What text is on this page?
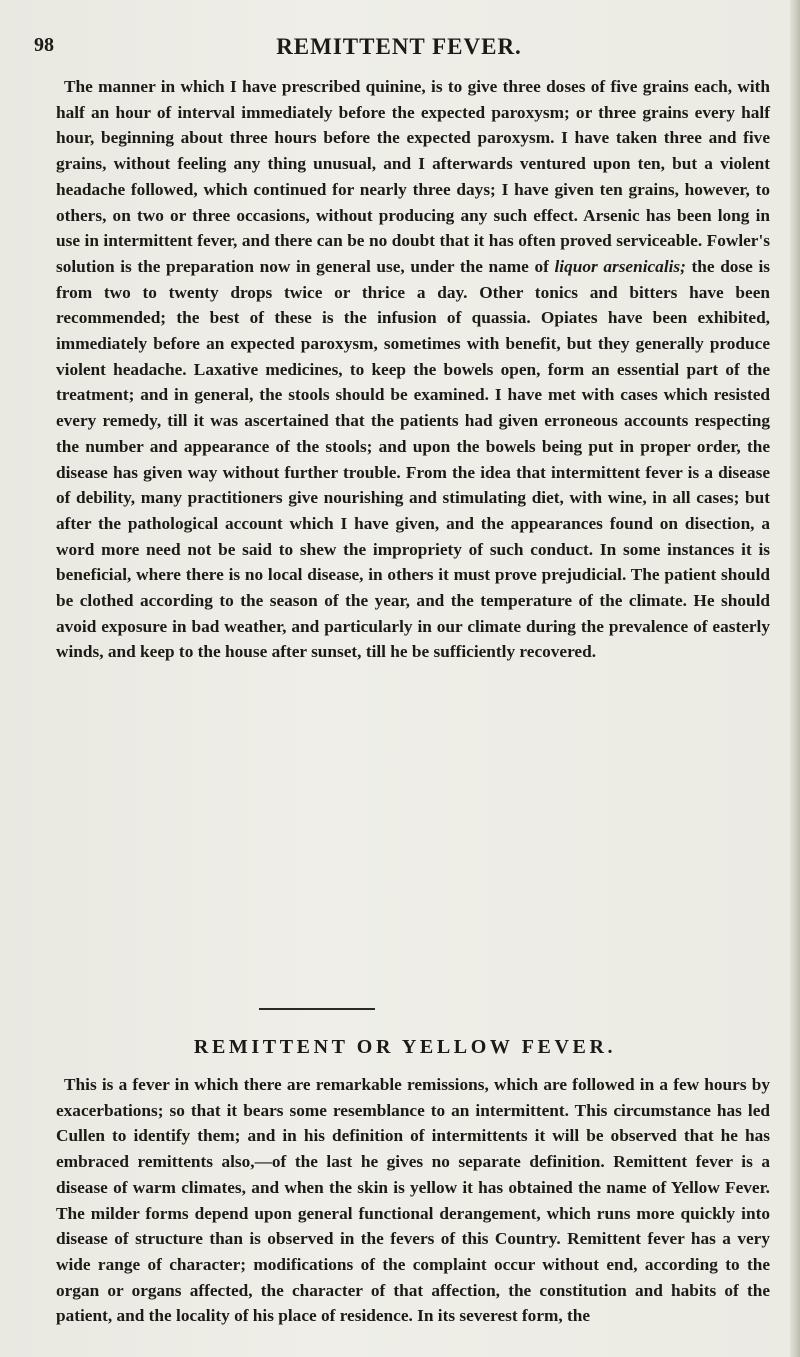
98	REMITTENT FEVER.

The manner in which I have prescribed quinine, is to give three doses of five grains each, with half an hour of interval immediately before the expected paroxysm; or three grains every half hour, beginning about three hours before the expected paroxysm. I have taken three and five grains, without feeling any thing unusual, and I afterwards ventured upon ten, but a violent headache followed, which continued for nearly three days; I have given ten grains, however, to others, on two or three occasions, without producing any such effect. Arsenic has been long in use in intermittent fever, and there can be no doubt that it has often proved serviceable. Fowler's solution is the preparation now in general use, under the name of liquor arsenicalis; the dose is from two to twenty drops twice or thrice a day. Other tonics and bitters have been recommended; the best of these is the infusion of quassia. Opiates have been exhibited, immediately before an expected paroxysm, sometimes with benefit, but they generally produce violent headache. Laxative medicines, to keep the bowels open, form an essential part of the treatment; and in general, the stools should be examined. I have met with cases which resisted every remedy, till it was ascertained that the patients had given erroneous accounts respecting the number and appearance of the stools; and upon the bowels being put in proper order, the disease has given way without further trouble. From the idea that intermittent fever is a disease of debility, many practitioners give nourishing and stimulating diet, with wine, in all cases; but after the pathological account which I have given, and the appearances found on disection, a word more need not be said to shew the impropriety of such conduct. In some instances it is beneficial, where there is no local disease, in others it must prove prejudicial. The patient should be clothed according to the season of the year, and the temperature of the climate. He should avoid exposure in bad weather, and particularly in our climate during the prevalence of easterly winds, and keep to the house after sunset, till he be sufficiently recovered.

REMITTENT OR YELLOW FEVER.

This is a fever in which there are remarkable remissions, which are followed in a few hours by exacerbations; so that it bears some resemblance to an intermittent. This circumstance has led Cullen to identify them; and in his definition of intermittents it will be observed that he has embraced remittents also,—of the last he gives no separate definition. Remittent fever is a disease of warm climates, and when the skin is yellow it has obtained the name of Yellow Fever. The milder forms depend upon general functional derangement, which runs more quickly into disease of structure than is observed in the fevers of this Country. Remittent fever has a very wide range of character; modifications of the complaint occur without end, according to the organ or organs affected, the character of that affection, the constitution and habits of the patient, and the locality of his place of residence. In its severest form, the
